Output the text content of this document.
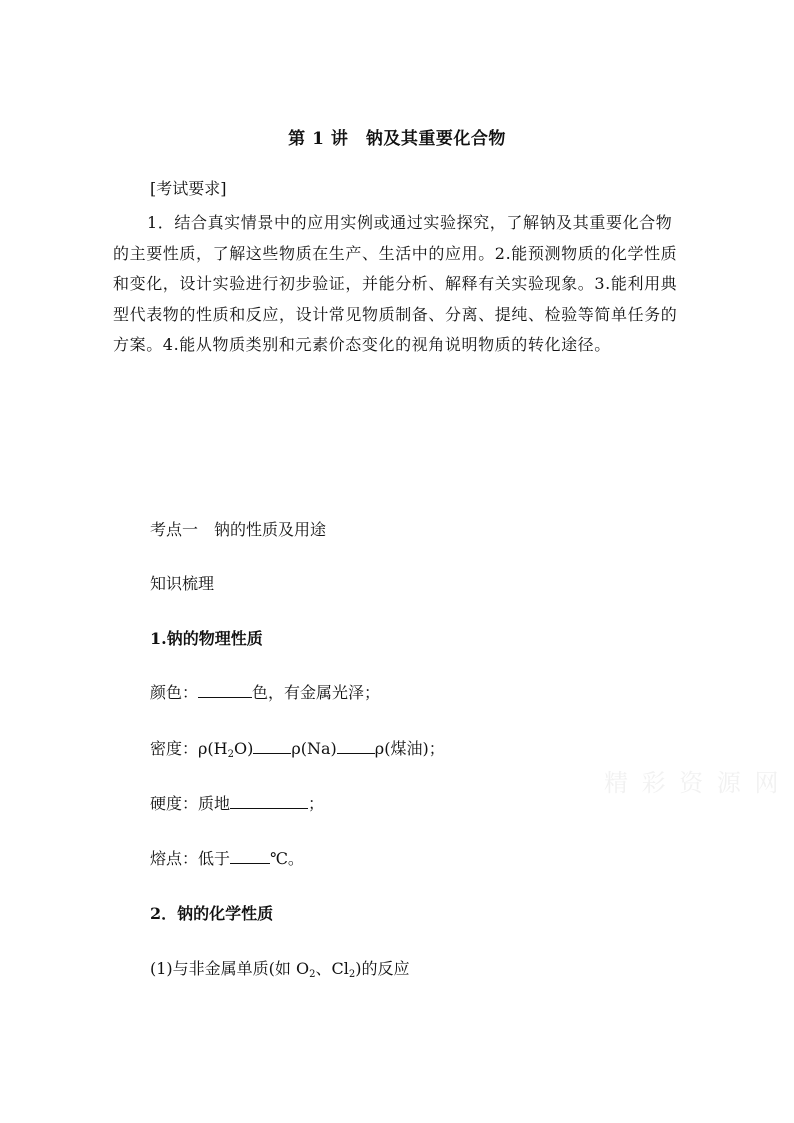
第 1 讲　钠及其重要化合物
[考试要求]

1．结合真实情景中的应用实例或通过实验探究，了解钠及其重要化合物的主要性质，了解这些物质在生产、生活中的应用。2.能预测物质的化学性质和变化，设计实验进行初步验证，并能分析、解释有关实验现象。3.能利用典型代表物的性质和反应，设计常见物质制备、分离、提纯、检验等简单任务的方案。4.能从物质类别和元素价态变化的视角说明物质的转化途径。

考点一　钠的性质及用途
知识梳理
1.钠的物理性质
颜色：	色，有金属光泽；
密度：$\rho(H_2O)$ ρ(Na) ρ(煤油)；
硬度：质地	；
熔点：低于	℃。
2．钠的化学性质
(1)与非金属单质(如 $O_2$、$Cl_2$)的反应
精 彩 资 源 网
